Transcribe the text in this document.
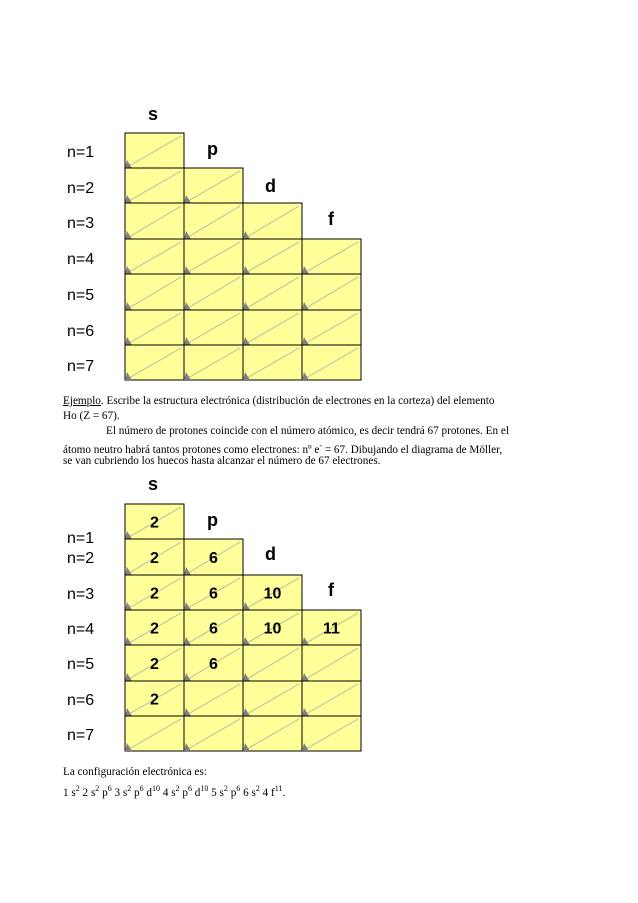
s
p
d
f
n=1
n=2
n=3
n=4
n=5
n=6
n=7
Ejemplo. Escribe la estructura electrónica (distribución de electrones en la corteza) del elemento
Ho (Z = 67).
El número de protones coincide con el número atómico, es decir tendrá 67 protones. En el
átomo neutro habrá tantos protones como electrones: nº e- = 67. Dibujando el diagrama de Möller,
se van cubriendo los huecos hasta alcanzar el número de 67 electrones.
2
2	6
2	6	10
2	6	10	11
2	6
2
s
p
d
f
n=1
n=2
n=3
n=4
n=5
n=6
n=7
La configuración electrónica es:
1 $s^2$ 2 $s^2$ $p^6$ 3 $s^2$ $p^6$ $d^{10}$ 4 $s^2$ $p^6$ $d^{10}$ 5 $s^2$ $p^6$ 6 $s^2$ 4 $f^{11}$.
